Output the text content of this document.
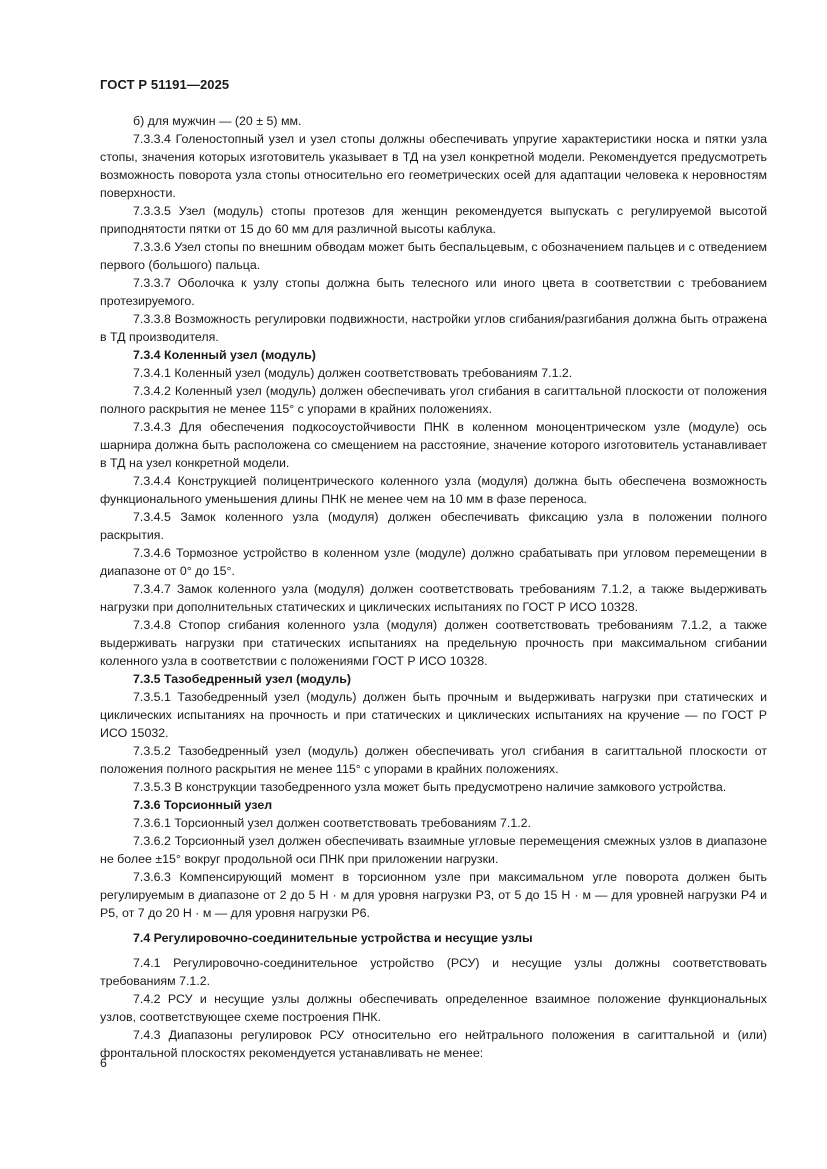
ГОСТ Р 51191—2025

б) для мужчин — (20 ± 5) мм.

7.3.3.4 Голеностопный узел и узел стопы должны обеспечивать упругие характеристики носка и пятки узла стопы, значения которых изготовитель указывает в ТД на узел конкретной модели. Рекомендуется предусмотреть возможность поворота узла стопы относительно его геометрических осей для адаптации человека к неровностям поверхности.

7.3.3.5 Узел (модуль) стопы протезов для женщин рекомендуется выпускать с регулируемой высотой приподнятости пятки от 15 до 60 мм для различной высоты каблука.

7.3.3.6 Узел стопы по внешним обводам может быть беспальцевым, с обозначением пальцев и с отведением первого (большого) пальца.

7.3.3.7 Оболочка к узлу стопы должна быть телесного или иного цвета в соответствии с требованием протезируемого.

7.3.3.8 Возможность регулировки подвижности, настройки углов сгибания/разгибания должна быть отражена в ТД производителя.

7.3.4 Коленный узел (модуль)

7.3.4.1 Коленный узел (модуль) должен соответствовать требованиям 7.1.2.

7.3.4.2 Коленный узел (модуль) должен обеспечивать угол сгибания в сагиттальной плоскости от положения полного раскрытия не менее 115° с упорами в крайних положениях.

7.3.4.3 Для обеспечения подкосоустойчивости ПНК в коленном моноцентрическом узле (модуле) ось шарнира должна быть расположена со смещением на расстояние, значение которого изготовитель устанавливает в ТД на узел конкретной модели.

7.3.4.4 Конструкцией полицентрического коленного узла (модуля) должна быть обеспечена возможность функционального уменьшения длины ПНК не менее чем на 10 мм в фазе переноса.

7.3.4.5 Замок коленного узла (модуля) должен обеспечивать фиксацию узла в положении полного раскрытия.

7.3.4.6 Тормозное устройство в коленном узле (модуле) должно срабатывать при угловом перемещении в диапазоне от 0° до 15°.

7.3.4.7 Замок коленного узла (модуля) должен соответствовать требованиям 7.1.2, а также выдерживать нагрузки при дополнительных статических и циклических испытаниях по ГОСТ Р ИСО 10328.

7.3.4.8 Стопор сгибания коленного узла (модуля) должен соответствовать требованиям 7.1.2, а также выдерживать нагрузки при статических испытаниях на предельную прочность при максимальном сгибании коленного узла в соответствии с положениями ГОСТ Р ИСО 10328.

7.3.5 Тазобедренный узел (модуль)

7.3.5.1 Тазобедренный узел (модуль) должен быть прочным и выдерживать нагрузки при статических и циклических испытаниях на прочность и при статических и циклических испытаниях на кручение — по ГОСТ Р ИСО 15032.

7.3.5.2 Тазобедренный узел (модуль) должен обеспечивать угол сгибания в сагиттальной плоскости от положения полного раскрытия не менее 115° с упорами в крайних положениях.

7.3.5.3 В конструкции тазобедренного узла может быть предусмотрено наличие замкового устройства.

7.3.6 Торсионный узел

7.3.6.1 Торсионный узел должен соответствовать требованиям 7.1.2.

7.3.6.2 Торсионный узел должен обеспечивать взаимные угловые перемещения смежных узлов в диапазоне не более ±15° вокруг продольной оси ПНК при приложении нагрузки.

7.3.6.3 Компенсирующий момент в торсионном узле при максимальном угле поворота должен быть регулируемым в диапазоне от 2 до 5 Н · м для уровня нагрузки Р3, от 5 до 15 Н · м — для уровней нагрузки Р4 и Р5, от 7 до 20 Н · м — для уровня нагрузки Р6.

7.4 Регулировочно-соединительные устройства и несущие узлы

7.4.1 Регулировочно-соединительное устройство (РСУ) и несущие узлы должны соответствовать требованиям 7.1.2.

7.4.2 РСУ и несущие узлы должны обеспечивать определенное взаимное положение функциональных узлов, соответствующее схеме построения ПНК.

7.4.3 Диапазоны регулировок РСУ относительно его нейтрального положения в сагиттальной и (или) фронтальной плоскостях рекомендуется устанавливать не менее:

6
